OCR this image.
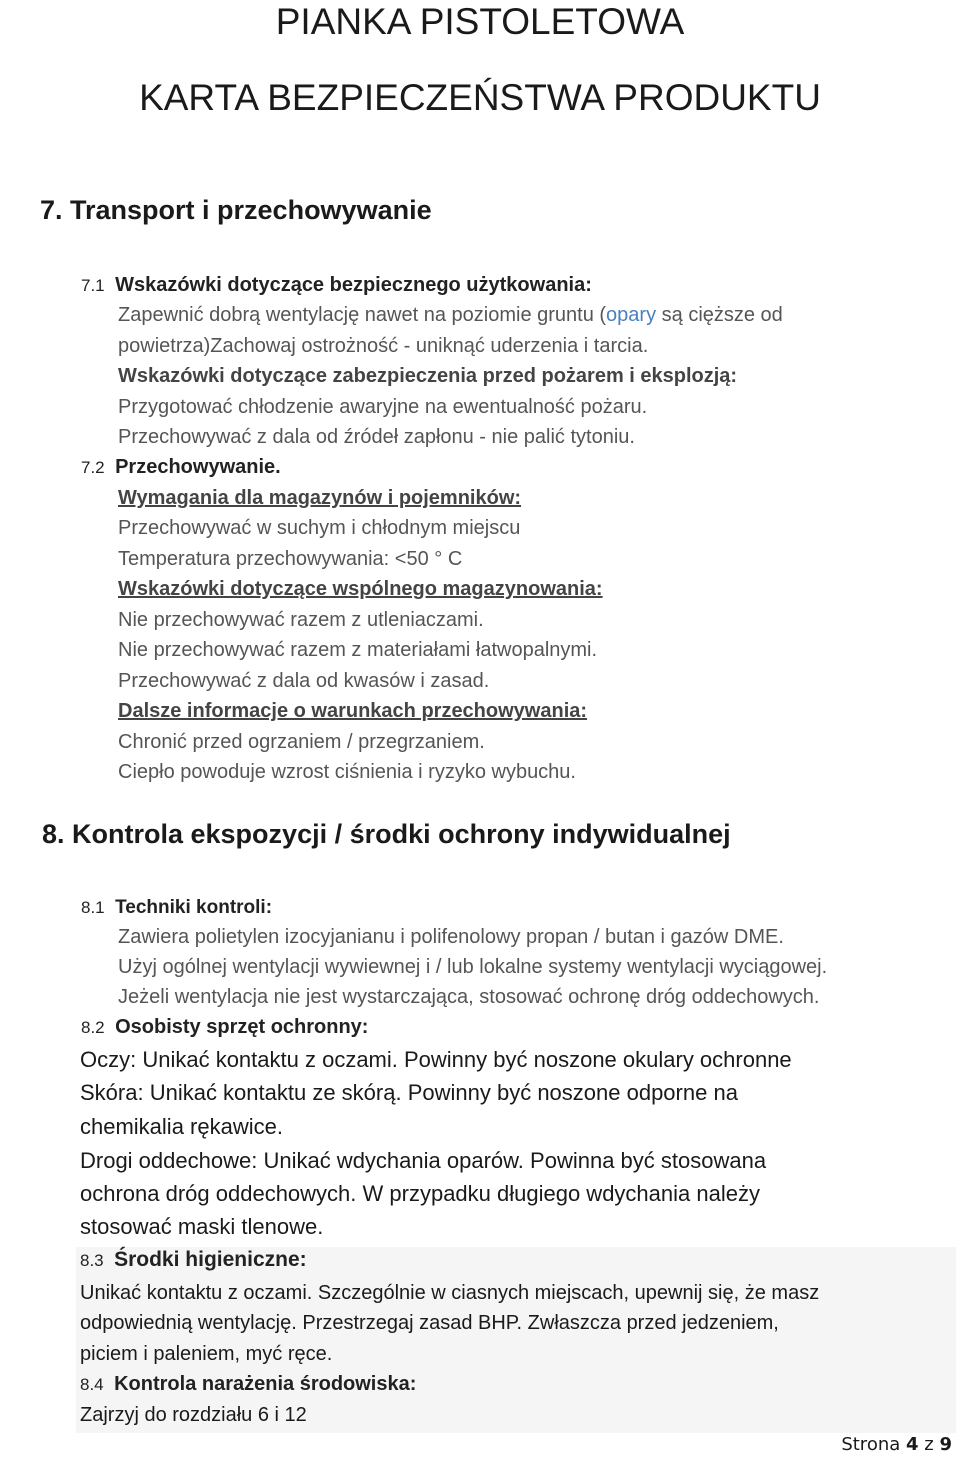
PIANKA PISTOLETOWA
KARTA BEZPIECZEŃSTWA PRODUKTU
7. Transport i przechowywanie
7.1 Wskazówki dotyczące bezpiecznego użytkowania:
Zapewnić dobrą wentylację nawet na poziomie gruntu (opary są cięższe od
powietrza)Zachowaj ostrożność - uniknąć uderzenia i tarcia.
Wskazówki dotyczące zabezpieczenia przed pożarem i eksplozją:
Przygotować chłodzenie awaryjne na ewentualność pożaru.
Przechowywać z dala od źródeł zapłonu - nie palić tytoniu.
7.2 Przechowywanie.
Wymagania dla magazynów i pojemników:
Przechowywać w suchym i chłodnym miejscu
Temperatura przechowywania: <50 ° C
Wskazówki dotyczące wspólnego magazynowania:
Nie przechowywać razem z utleniaczami.
Nie przechowywać razem z materiałami łatwopalnymi.
Przechowywać z dala od kwasów i zasad.
Dalsze informacje o warunkach przechowywania:
Chronić przed ogrzaniem / przegrzaniem.
Ciepło powoduje wzrost ciśnienia i ryzyko wybuchu.
8. Kontrola ekspozycji / środki ochrony indywidualnej
8.1 Techniki kontroli:
Zawiera polietylen izocyjanianu i polifenolowy propan / butan i gazów DME.
Użyj ogólnej wentylacji wywiewnej i / lub lokalne systemy wentylacji wyciągowej.
Jeżeli wentylacja nie jest wystarczająca, stosować ochronę dróg oddechowych.
8.2 Osobisty sprzęt ochronny:
Oczy: Unikać kontaktu z oczami. Powinny być noszone okulary ochronne
Skóra: Unikać kontaktu ze skórą. Powinny być noszone odporne na
chemikalia rękawice.
Drogi oddechowe: Unikać wdychania oparów. Powinna być stosowana
ochrona dróg oddechowych. W przypadku długiego wdychania należy
stosować maski tlenowe.
8.3 Środki higieniczne:
Unikać kontaktu z oczami. Szczególnie w ciasnych miejscach, upewnij się, że masz
odpowiednią wentylację. Przestrzegaj zasad BHP. Zwłaszcza przed jedzeniem,
piciem i paleniem, myć ręce.
8.4 Kontrola narażenia środowiska:
Zajrzyj do rozdziału 6 i 12
Strona 4 z 9
